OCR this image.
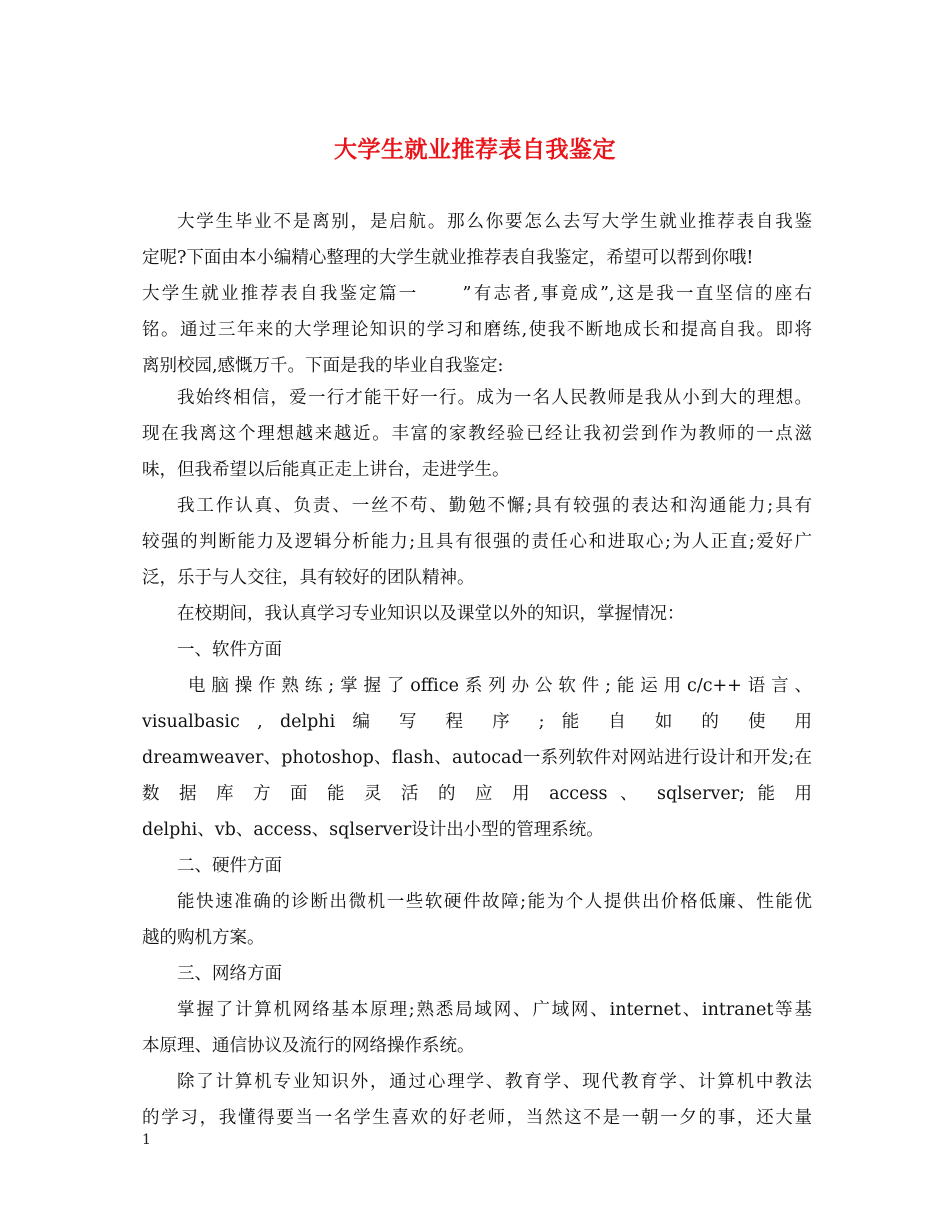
大学生就业推荐表自我鉴定

大学生毕业不是离别，是启航。那么你要怎么去写大学生就业推荐表自我鉴

定呢?下面由本小编精心整理的大学生就业推荐表自我鉴定，希望可以帮到你哦!

大学生就业推荐表自我鉴定篇一	”有志者,事竟成”,这是我一直坚信的座右
铭。通过三年来的大学理论知识的学习和磨练,使我不断地成长和提高自我。即将
离别校园,感慨万千。下面是我的毕业自我鉴定:

我始终相信，爱一行才能干好一行。成为一名人民教师是我从小到大的理想。

现在我离这个理想越来越近。丰富的家教经验已经让我初尝到作为教师的一点滋
味，但我希望以后能真正走上讲台，走进学生。

我工作认真、负责、一丝不苟、勤勉不懈;具有较强的表达和沟通能力;具有

较强的判断能力及逻辑分析能力;且具有很强的责任心和进取心;为人正直;爱好广
泛，乐于与人交往，具有较好的团队精神。

在校期间，我认真学习专业知识以及课堂以外的知识，掌握情况：

一、软件方面

电脑操作熟练;掌握了office系列办公软件;能运用c/c++语言、
visualbasic , delphi 编 写 程 序 ; 能 自 如 的 使 用
dreamweaver、photoshop、flash、autocad一系列软件对网站进行设计和开发;在
数 据 库 方 面 能 灵 活 的 应 用 access 、 sqlserver; 能 用
delphi、vb、access、sqlserver设计出小型的管理系统。

二、硬件方面

能快速准确的诊断出微机一些软硬件故障;能为个人提供出价格低廉、性能优
越的购机方案。

三、网络方面

掌握了计算机网络基本原理;熟悉局域网、广域网、internet、intranet等基
本原理、通信协议及流行的网络操作系统。

除了计算机专业知识外，通过心理学、教育学、现代教育学、计算机中教法
的学习，我懂得要当一名学生喜欢的好老师，当然这不是一朝一夕的事，还大量

1
